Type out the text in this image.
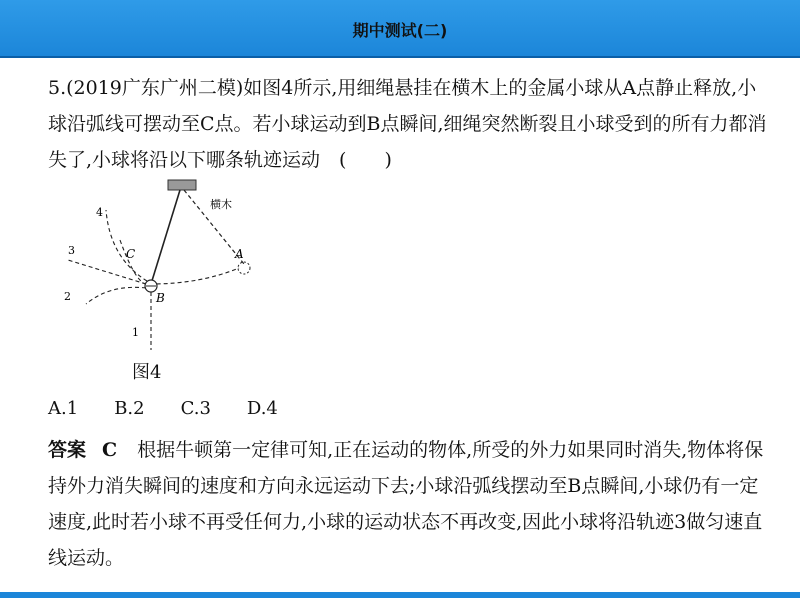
期中测试(二)
5.(2019广东广州二模)如图4所示,用细绳悬挂在横木上的金属小球从A点静止释放,小球沿弧线可摆动至C点。若小球运动到B点瞬间,细绳突然断裂且小球受到的所有力都消失了,小球将沿以下哪条轨迹运动　(　　)
横木
A
C
B
1
2
3
4
图4
A.1 B.2 C.3 D.4
答案 C 根据牛顿第一定律可知,正在运动的物体,所受的外力如果同时消失,物体将保持外力消失瞬间的速度和方向永远运动下去;小球沿弧线摆动至B点瞬间,小球仍有一定速度,此时若小球不再受任何力,小球的运动状态不再改变,因此小球将沿轨迹3做匀速直线运动。
